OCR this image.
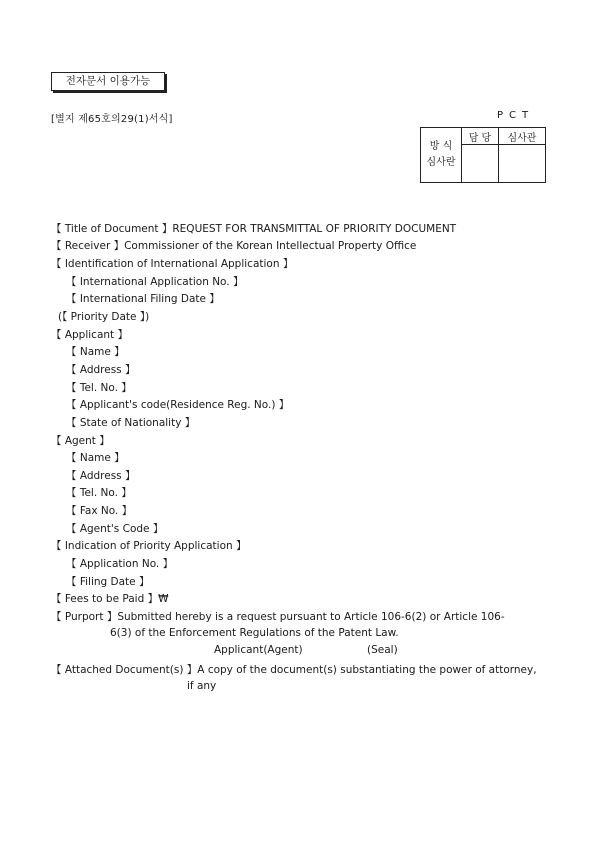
전자문서 이용가능
[별지 제65호의29(1)서식]	PCT
방 식
심사란	담 당	심사관

【 Title of Document 】REQUEST FOR TRANSMITTAL OF PRIORITY DOCUMENT
【 Receiver 】Commissioner of the Korean Intellectual Property Office
【 Identification of International Application 】
【 International Application No. 】
【 International Filing Date 】
(【 Priority Date 】)
【 Applicant 】
【 Name 】
【 Address 】
【 Tel. No. 】
【 Applicant's code(Residence Reg. No.) 】
【 State of Nationality 】
【 Agent 】
【 Name 】
【 Address 】
【 Tel. No. 】
【 Fax No. 】
【 Agent's Code 】
【 Indication of Priority Application 】
【 Application No. 】
【 Filing Date 】
【 Fees to be Paid 】₩
【 Purport 】Submitted hereby is a request pursuant to Article 106-6(2) or Article 106-
6(3) of the Enforcement Regulations of the Patent Law.
Applicant(Agent)	(Seal)
【 Attached Document(s) 】A copy of the document(s) substantiating the power of attorney,
if any
